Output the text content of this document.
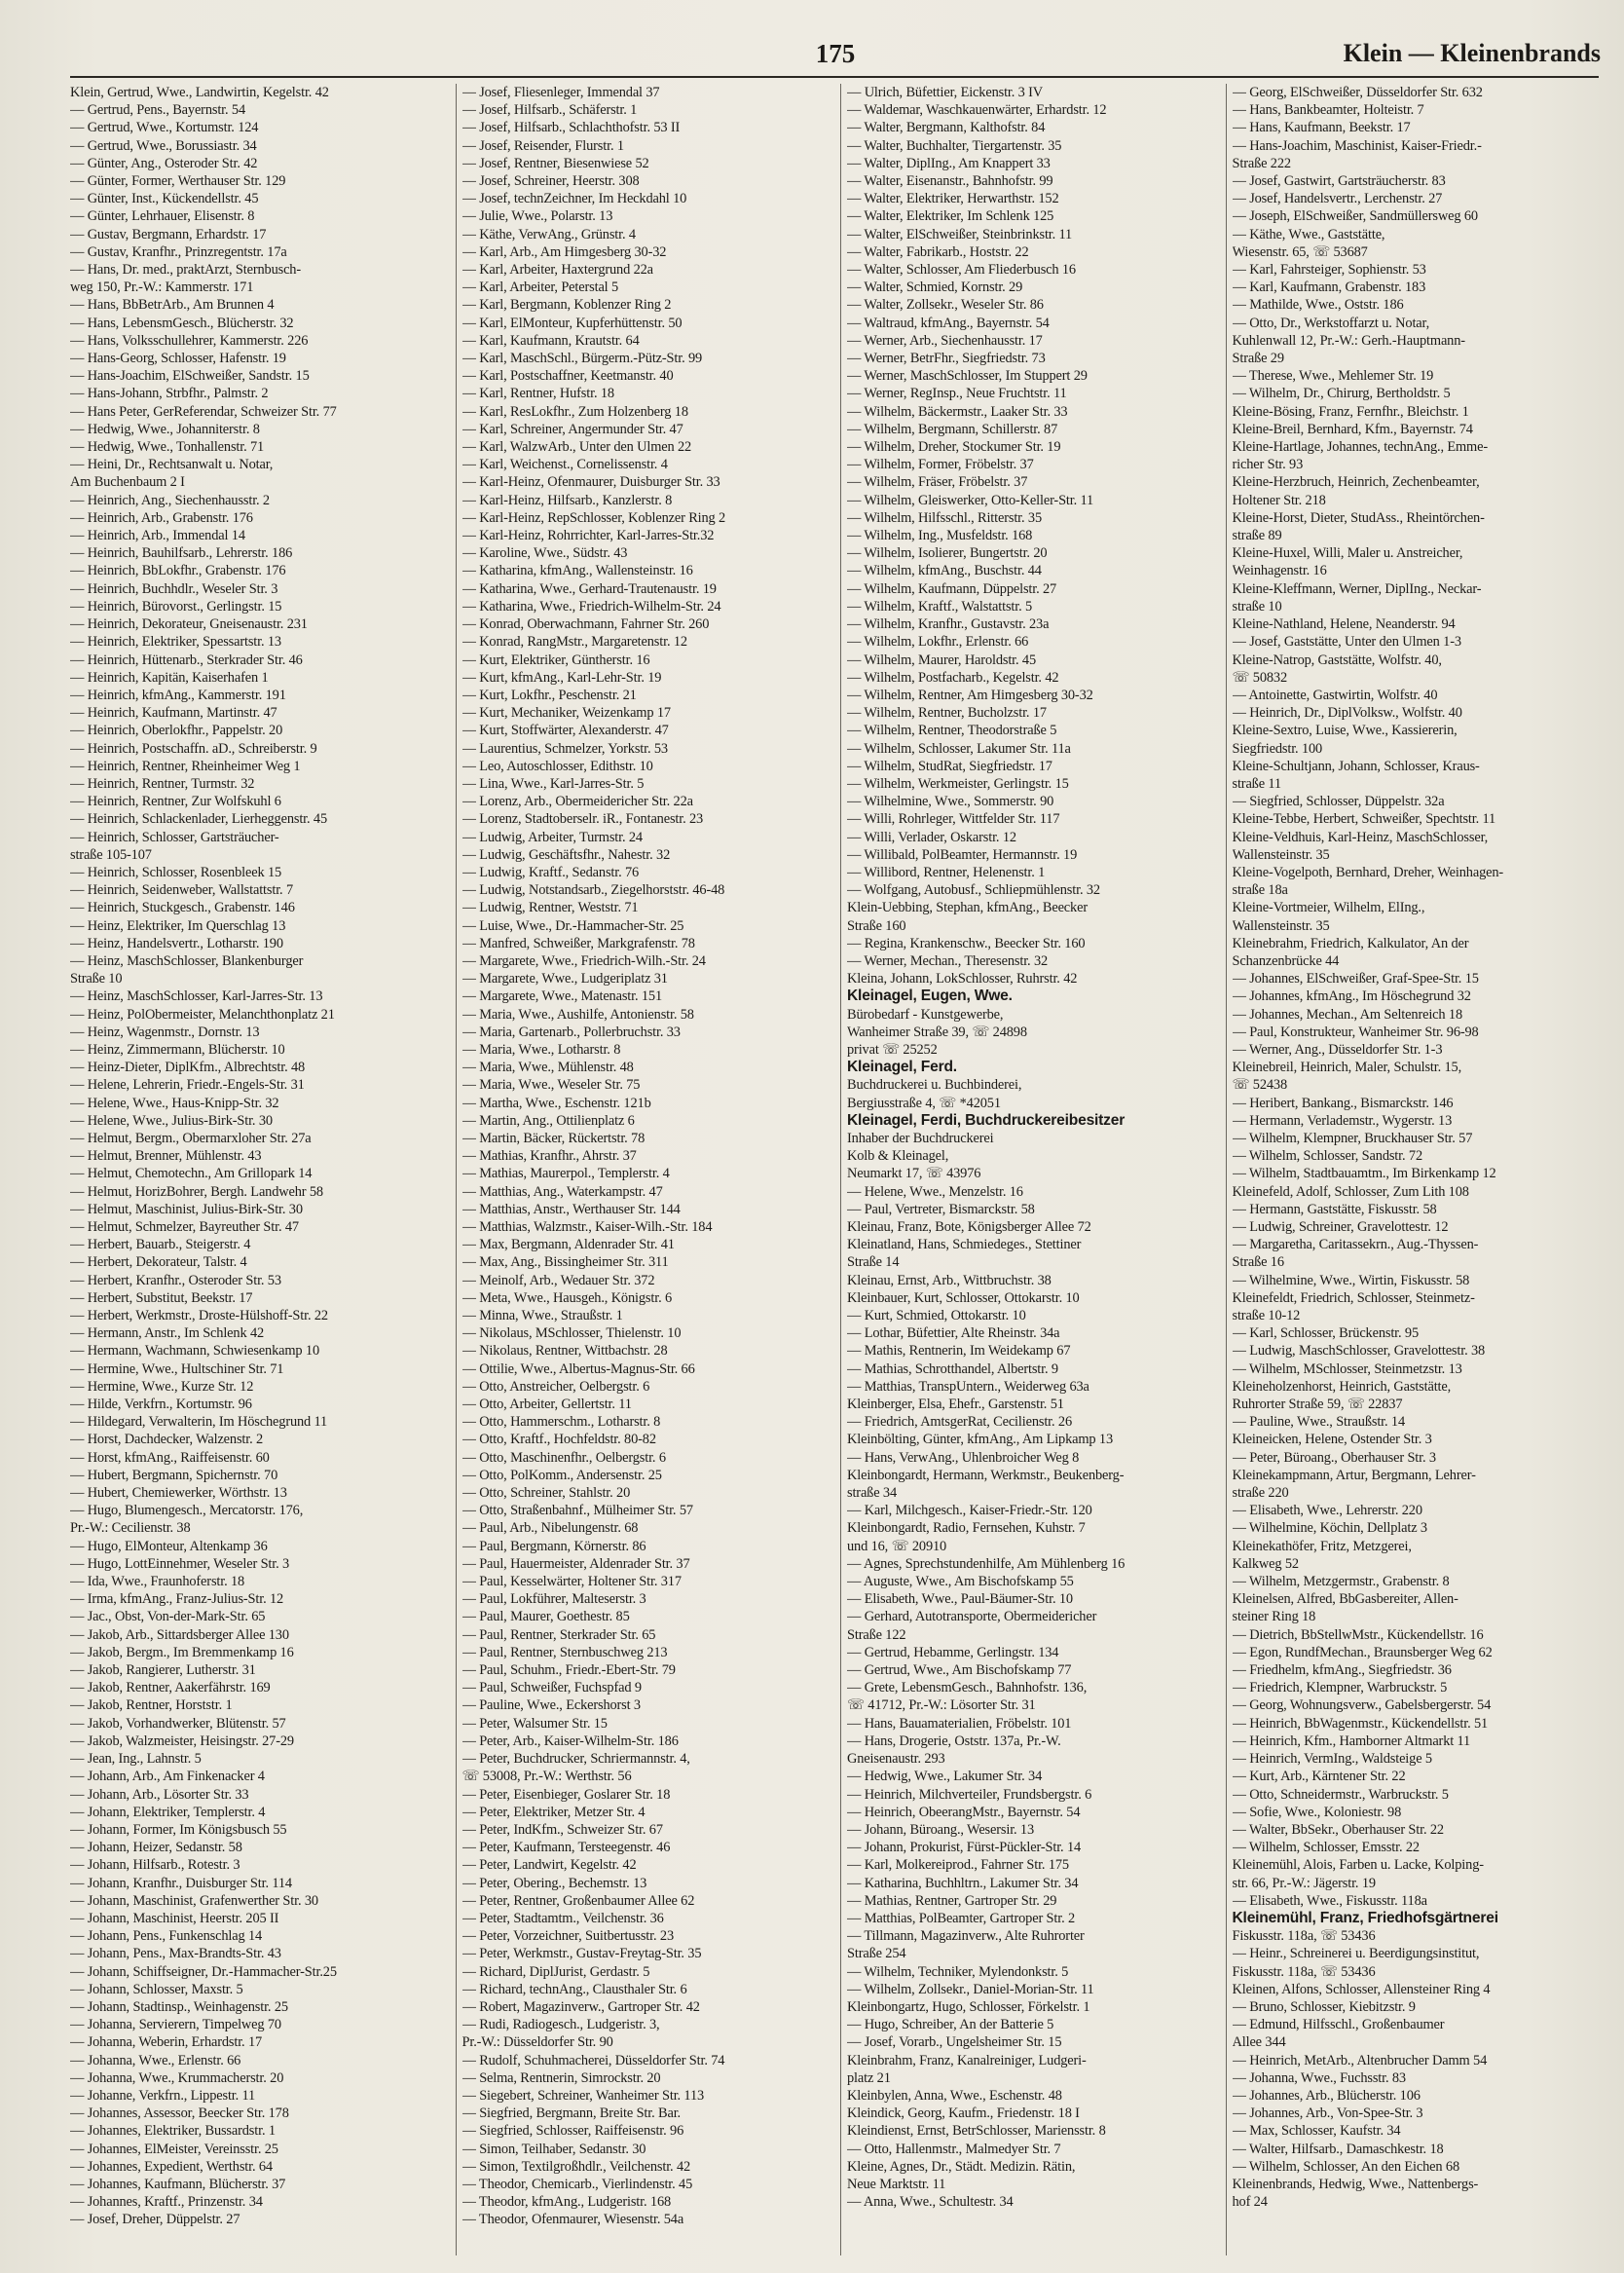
175	Klein — Kleinenbrands
Klein, Gertrud, Wwe., Landwirtin, Kegelstr. 42
— Gertrud, Pens., Bayernstr. 54
— Gertrud, Wwe., Kortumstr. 124
— Gertrud, Wwe., Borussiastr. 34
— Günter, Ang., Osteroder Str. 42
— Günter, Former, Werthauser Str. 129
— Günter, Inst., Kückendellstr. 45
— Günter, Lehrhauer, Elisenstr. 8
— Gustav, Bergmann, Erhardstr. 17
— Gustav, Kranfhr., Prinzregentstr. 17a
— Hans, Dr. med., praktArzt, Sternbusch-
weg 150, Pr.-W.: Kammerstr. 171
— Hans, BbBetrArb., Am Brunnen 4
— Hans, LebensmGesch., Blücherstr. 32
— Hans, Volksschullehrer, Kammerstr. 226
— Hans-Georg, Schlosser, Hafenstr. 19
— Hans-Joachim, ElSchweißer, Sandstr. 15
— Hans-Johann, Strbfhr., Palmstr. 2
— Hans Peter, GerReferendar, Schweizer Str. 77
— Hedwig, Wwe., Johanniterstr. 8
— Hedwig, Wwe., Tonhallenstr. 71
— Heini, Dr., Rechtsanwalt u. Notar,
Am Buchenbaum 2 I
— Heinrich, Ang., Siechenhausstr. 2
— Heinrich, Arb., Grabenstr. 176
— Heinrich, Arb., Immendal 14
— Heinrich, Bauhilfsarb., Lehrerstr. 186
— Heinrich, BbLokfhr., Grabenstr. 176
— Heinrich, Buchhdlr., Weseler Str. 3
— Heinrich, Bürovorst., Gerlingstr. 15
— Heinrich, Dekorateur, Gneisenaustr. 231
— Heinrich, Elektriker, Spessartstr. 13
— Heinrich, Hüttenarb., Sterkrader Str. 46
— Heinrich, Kapitän, Kaiserhafen 1
— Heinrich, kfmAng., Kammerstr. 191
— Heinrich, Kaufmann, Martinstr. 47
— Heinrich, Oberlokfhr., Pappelstr. 20
— Heinrich, Postschaffn. aD., Schreiberstr. 9
— Heinrich, Rentner, Rheinheimer Weg 1
— Heinrich, Rentner, Turmstr. 32
— Heinrich, Rentner, Zur Wolfskuhl 6
— Heinrich, Schlackenlader, Lierheggenstr. 45
— Heinrich, Schlosser, Gartsträucher-
straße 105-107
— Heinrich, Schlosser, Rosenbleek 15
— Heinrich, Seidenweber, Wallstattstr. 7
— Heinrich, Stuckgesch., Grabenstr. 146
— Heinz, Elektriker, Im Querschlag 13
— Heinz, Handelsvertr., Lotharstr. 190
— Heinz, MaschSchlosser, Blankenburger
Straße 10
— Heinz, MaschSchlosser, Karl-Jarres-Str. 13
— Heinz, PolObermeister, Melanchthonplatz 21
— Heinz, Wagenmstr., Dornstr. 13
— Heinz, Zimmermann, Blücherstr. 10
— Heinz-Dieter, DiplKfm., Albrechtstr. 48
— Helene, Lehrerin, Friedr.-Engels-Str. 31
— Helene, Wwe., Haus-Knipp-Str. 32
— Helene, Wwe., Julius-Birk-Str. 30
— Helmut, Bergm., Obermarxloher Str. 27a
— Helmut, Brenner, Mühlenstr. 43
— Helmut, Chemotechn., Am Grillopark 14
— Helmut, HorizBohrer, Bergh. Landwehr 58
— Helmut, Maschinist, Julius-Birk-Str. 30
— Helmut, Schmelzer, Bayreuther Str. 47
— Herbert, Bauarb., Steigerstr. 4
— Herbert, Dekorateur, Talstr. 4
— Herbert, Kranfhr., Osteroder Str. 53
— Herbert, Substitut, Beekstr. 17
— Herbert, Werkmstr., Droste-Hülshoff-Str. 22
— Hermann, Anstr., Im Schlenk 42
— Hermann, Wachmann, Schwiesenkamp 10
— Hermine, Wwe., Hultschiner Str. 71
— Hermine, Wwe., Kurze Str. 12
— Hilde, Verkfrn., Kortumstr. 96
— Hildegard, Verwalterin, Im Höschegrund 11
— Horst, Dachdecker, Walzenstr. 2
— Horst, kfmAng., Raiffeisenstr. 60
— Hubert, Bergmann, Spichernstr. 70
— Hubert, Chemiewerker, Wörthstr. 13
— Hugo, Blumengesch., Mercatorstr. 176,
Pr.-W.: Cecilienstr. 38
— Hugo, ElMonteur, Altenkamp 36
— Hugo, LottEinnehmer, Weseler Str. 3
— Ida, Wwe., Fraunhoferstr. 18
— Irma, kfmAng., Franz-Julius-Str. 12
— Jac., Obst, Von-der-Mark-Str. 65
— Jakob, Arb., Sittardsberger Allee 130
— Jakob, Bergm., Im Bremmenkamp 16
— Jakob, Rangierer, Lutherstr. 31
— Jakob, Rentner, Aakerfährstr. 169
— Jakob, Rentner, Horststr. 1
— Jakob, Vorhandwerker, Blütenstr. 57
— Jakob, Walzmeister, Heisingstr. 27-29
— Jean, Ing., Lahnstr. 5
— Johann, Arb., Am Finkenacker 4
— Johann, Arb., Lösorter Str. 33
— Johann, Elektriker, Templerstr. 4
— Johann, Former, Im Königsbusch 55
— Johann, Heizer, Sedanstr. 58
— Johann, Hilfsarb., Rotestr. 3
— Johann, Kranfhr., Duisburger Str. 114
— Johann, Maschinist, Grafenwerther Str. 30
— Johann, Maschinist, Heerstr. 205 II
— Johann, Pens., Funkenschlag 14
— Johann, Pens., Max-Brandts-Str. 43
— Johann, Schiffseigner, Dr.-Hammacher-Str.25
— Johann, Schlosser, Maxstr. 5
— Johann, Stadtinsp., Weinhagenstr. 25
— Johanna, Servierern, Timpelweg 70
— Johanna, Weberin, Erhardstr. 17
— Johanna, Wwe., Erlenstr. 66
— Johanna, Wwe., Krummacherstr. 20
— Johanne, Verkfrn., Lippestr. 11
— Johannes, Assessor, Beecker Str. 178
— Johannes, Elektriker, Bussardstr. 1
— Johannes, ElMeister, Vereinsstr. 25
— Johannes, Expedient, Werthstr. 64
— Johannes, Kaufmann, Blücherstr. 37
— Johannes, Kraftf., Prinzenstr. 34
— Josef, Dreher, Düppelstr. 27
— Josef, Fliesenleger, Immendal 37
— Josef, Hilfsarb., Schäferstr. 1
— Josef, Hilfsarb., Schlachthofstr. 53 II
— Josef, Reisender, Flurstr. 1
— Josef, Rentner, Biesenwiese 52
— Josef, Schreiner, Heerstr. 308
— Josef, technZeichner, Im Heckdahl 10
— Julie, Wwe., Polarstr. 13
— Käthe, VerwAng., Grünstr. 4
— Karl, Arb., Am Himgesberg 30-32
— Karl, Arbeiter, Haxtergrund 22a
— Karl, Arbeiter, Peterstal 5
— Karl, Bergmann, Koblenzer Ring 2
— Karl, ElMonteur, Kupferhüttenstr. 50
— Karl, Kaufmann, Krautstr. 64
— Karl, MaschSchl., Bürgerm.-Pütz-Str. 99
— Karl, Postschaffner, Keetmanstr. 40
— Karl, Rentner, Hufstr. 18
— Karl, ResLokfhr., Zum Holzenberg 18
— Karl, Schreiner, Angermunder Str. 47
— Karl, WalzwArb., Unter den Ulmen 22
— Karl, Weichenst., Cornelissenstr. 4
— Karl-Heinz, Ofenmaurer, Duisburger Str. 33
— Karl-Heinz, Hilfsarb., Kanzlerstr. 8
— Karl-Heinz, RepSchlosser, Koblenzer Ring 2
— Karl-Heinz, Rohrrichter, Karl-Jarres-Str.32
— Karoline, Wwe., Südstr. 43
— Katharina, kfmAng., Wallensteinstr. 16
— Katharina, Wwe., Gerhard-Trautenaustr. 19
— Katharina, Wwe., Friedrich-Wilhelm-Str. 24
— Konrad, Oberwachmann, Fahrner Str. 260
— Konrad, RangMstr., Margaretenstr. 12
— Kurt, Elektriker, Güntherstr. 16
— Kurt, kfmAng., Karl-Lehr-Str. 19
— Kurt, Lokfhr., Peschenstr. 21
— Kurt, Mechaniker, Weizenkamp 17
— Kurt, Stoffwärter, Alexanderstr. 47
— Laurentius, Schmelzer, Yorkstr. 53
— Leo, Autoschlosser, Edithstr. 10
— Lina, Wwe., Karl-Jarres-Str. 5
— Lorenz, Arb., Obermeidericher Str. 22a
— Lorenz, Stadtoberselr. iR., Fontanestr. 23
— Ludwig, Arbeiter, Turmstr. 24
— Ludwig, Geschäftsfhr., Nahestr. 32
— Ludwig, Kraftf., Sedanstr. 76
— Ludwig, Notstandsarb., Ziegelhorststr. 46-48
— Ludwig, Rentner, Weststr. 71
— Luise, Wwe., Dr.-Hammacher-Str. 25
— Manfred, Schweißer, Markgrafenstr. 78
— Margarete, Wwe., Friedrich-Wilh.-Str. 24
— Margarete, Wwe., Ludgeriplatz 31
— Margarete, Wwe., Matenastr. 151
— Maria, Wwe., Aushilfe, Antonienstr. 58
— Maria, Gartenarb., Pollerbruchstr. 33
— Maria, Wwe., Lotharstr. 8
— Maria, Wwe., Mühlenstr. 48
— Maria, Wwe., Weseler Str. 75
— Martha, Wwe., Eschenstr. 121b
— Martin, Ang., Ottilienplatz 6
— Martin, Bäcker, Rückertstr. 78
— Mathias, Kranfhr., Ahrstr. 37
— Mathias, Maurerpol., Templerstr. 4
— Matthias, Ang., Waterkampstr. 47
— Matthias, Anstr., Werthauser Str. 144
— Matthias, Walzmstr., Kaiser-Wilh.-Str. 184
— Max, Bergmann, Aldenrader Str. 41
— Max, Ang., Bissingheimer Str. 311
— Meinolf, Arb., Wedauer Str. 372
— Meta, Wwe., Hausgeh., Königstr. 6
— Minna, Wwe., Straußstr. 1
— Nikolaus, MSchlosser, Thielenstr. 10
— Nikolaus, Rentner, Wittbachstr. 28
— Ottilie, Wwe., Albertus-Magnus-Str. 66
— Otto, Anstreicher, Oelbergstr. 6
— Otto, Arbeiter, Gellertstr. 11
— Otto, Hammerschm., Lotharstr. 8
— Otto, Kraftf., Hochfeldstr. 80-82
— Otto, Maschinenfhr., Oelbergstr. 6
— Otto, PolKomm., Andersenstr. 25
— Otto, Schreiner, Stahlstr. 20
— Otto, Straßenbahnf., Mülheimer Str. 57
— Paul, Arb., Nibelungenstr. 68
— Paul, Bergmann, Körnerstr. 86
— Paul, Hauermeister, Aldenrader Str. 37
— Paul, Kesselwärter, Holtener Str. 317
— Paul, Lokführer, Malteserstr. 3
— Paul, Maurer, Goethestr. 85
— Paul, Rentner, Sterkrader Str. 65
— Paul, Rentner, Sternbuschweg 213
— Paul, Schuhm., Friedr.-Ebert-Str. 79
— Paul, Schweißer, Fuchspfad 9
— Pauline, Wwe., Eckershorst 3
— Peter, Walsumer Str. 15
— Peter, Arb., Kaiser-Wilhelm-Str. 186
— Peter, Buchdrucker, Schriermannstr. 4,
☏ 53008, Pr.-W.: Werthstr. 56
— Peter, Eisenbieger, Goslarer Str. 18
— Peter, Elektriker, Metzer Str. 4
— Peter, IndKfm., Schweizer Str. 67
— Peter, Kaufmann, Tersteegenstr. 46
— Peter, Landwirt, Kegelstr. 42
— Peter, Obering., Bechemstr. 13
— Peter, Rentner, Großenbaumer Allee 62
— Peter, Stadtamtm., Veilchenstr. 36
— Peter, Vorzeichner, Suitbertusstr. 23
— Peter, Werkmstr., Gustav-Freytag-Str. 35
— Richard, DiplJurist, Gerdastr. 5
— Richard, technAng., Clausthaler Str. 6
— Robert, Magazinverw., Gartroper Str. 42
— Rudi, Radiogesch., Ludgeristr. 3,
Pr.-W.: Düsseldorfer Str. 90
— Rudolf, Schuhmacherei, Düsseldorfer Str. 74
— Selma, Rentnerin, Simrockstr. 20
— Siegebert, Schreiner, Wanheimer Str. 113
— Siegfried, Bergmann, Breite Str. Bar.
— Siegfried, Schlosser, Raiffeisenstr. 96
— Simon, Teilhaber, Sedanstr. 30
— Simon, Textilgroßhdlr., Veilchenstr. 42
— Theodor, Chemicarb., Vierlindenstr. 45
— Theodor, kfmAng., Ludgeristr. 168
— Theodor, Ofenmaurer, Wiesenstr. 54a
— Ulrich, Büfettier, Eickenstr. 3 IV
— Waldemar, Waschkauenwärter, Erhardstr. 12
— Walter, Bergmann, Kalthofstr. 84
— Walter, Buchhalter, Tiergartenstr. 35
— Walter, DiplIng., Am Knappert 33
— Walter, Eisenanstr., Bahnhofstr. 99
— Walter, Elektriker, Herwarthstr. 152
— Walter, Elektriker, Im Schlenk 125
— Walter, ElSchweißer, Steinbrinkstr. 11
— Walter, Fabrikarb., Hoststr. 22
— Walter, Schlosser, Am Fliederbusch 16
— Walter, Schmied, Kornstr. 29
— Walter, Zollsekr., Weseler Str. 86
— Waltraud, kfmAng., Bayernstr. 54
— Werner, Arb., Siechenhausstr. 17
— Werner, BetrFhr., Siegfriedstr. 73
— Werner, MaschSchlosser, Im Stuppert 29
— Werner, RegInsp., Neue Fruchtstr. 11
— Wilhelm, Bäckermstr., Laaker Str. 33
— Wilhelm, Bergmann, Schillerstr. 87
— Wilhelm, Dreher, Stockumer Str. 19
— Wilhelm, Former, Fröbelstr. 37
— Wilhelm, Fräser, Fröbelstr. 37
— Wilhelm, Gleiswerker, Otto-Keller-Str. 11
— Wilhelm, Hilfsschl., Ritterstr. 35
— Wilhelm, Ing., Musfeldstr. 168
— Wilhelm, Isolierer, Bungertstr. 20
— Wilhelm, kfmAng., Buschstr. 44
— Wilhelm, Kaufmann, Düppelstr. 27
— Wilhelm, Kraftf., Walstattstr. 5
— Wilhelm, Kranfhr., Gustavstr. 23a
— Wilhelm, Lokfhr., Erlenstr. 66
— Wilhelm, Maurer, Haroldstr. 45
— Wilhelm, Postfacharb., Kegelstr. 42
— Wilhelm, Rentner, Am Himgesberg 30-32
— Wilhelm, Rentner, Bucholzstr. 17
— Wilhelm, Rentner, Theodorstraße 5
— Wilhelm, Schlosser, Lakumer Str. 11a
— Wilhelm, StudRat, Siegfriedstr. 17
— Wilhelm, Werkmeister, Gerlingstr. 15
— Wilhelmine, Wwe., Sommerstr. 90
— Willi, Rohrleger, Wittfelder Str. 117
— Willi, Verlader, Oskarstr. 12
— Willibald, PolBeamter, Hermannstr. 19
— Willibord, Rentner, Helenenstr. 1
— Wolfgang, Autobusf., Schliepmühlenstr. 32
Klein-Uebbing, Stephan, kfmAng., Beecker
Straße 160
— Regina, Krankenschw., Beecker Str. 160
— Werner, Mechan., Theresenstr. 32
Kleina, Johann, LokSchlosser, Ruhrstr. 42
Kleinagel, Eugen, Wwe.
Bürobedarf - Kunstgewerbe,
Wanheimer Straße 39, ☏ 24898
privat ☏ 25252
Kleinagel, Ferd.
Buchdruckerei u. Buchbinderei,
Bergiusstraße 4, ☏ *42051
Kleinagel, Ferdi, Buchdruckereibesitzer
Inhaber der Buchdruckerei
Kolb & Kleinagel,
Neumarkt 17, ☏ 43976
— Helene, Wwe., Menzelstr. 16
— Paul, Vertreter, Bismarckstr. 58
Kleinau, Franz, Bote, Königsberger Allee 72
Kleinatland, Hans, Schmiedeges., Stettiner
Straße 14
Kleinau, Ernst, Arb., Wittbruchstr. 38
Kleinbauer, Kurt, Schlosser, Ottokarstr. 10
— Kurt, Schmied, Ottokarstr. 10
— Lothar, Büfettier, Alte Rheinstr. 34a
— Mathis, Rentnerin, Im Weidekamp 67
— Mathias, Schrotthandel, Albertstr. 9
— Matthias, TranspUntern., Weiderweg 63a
Kleinberger, Elsa, Ehefr., Garstenstr. 51
— Friedrich, AmtsgerRat, Cecilienstr. 26
Kleinbölting, Günter, kfmAng., Am Lipkamp 13
— Hans, VerwAng., Uhlenbroicher Weg 8
Kleinbongardt, Hermann, Werkmstr., Beukenberg-
straße 34
— Karl, Milchgesch., Kaiser-Friedr.-Str. 120
Kleinbongardt, Radio, Fernsehen, Kuhstr. 7
und 16, ☏ 20910
— Agnes, Sprechstundenhilfe, Am Mühlenberg 16
— Auguste, Wwe., Am Bischofskamp 55
— Elisabeth, Wwe., Paul-Bäumer-Str. 10
— Gerhard, Autotransporte, Obermeidericher
Straße 122
— Gertrud, Hebamme, Gerlingstr. 134
— Gertrud, Wwe., Am Bischofskamp 77
— Grete, LebensmGesch., Bahnhofstr. 136,
☏ 41712, Pr.-W.: Lösorter Str. 31
— Hans, Bauamaterialien, Fröbelstr. 101
— Hans, Drogerie, Oststr. 137a, Pr.-W.
Gneisenaustr. 293
— Hedwig, Wwe., Lakumer Str. 34
— Heinrich, Milchverteiler, Frundsbergstr. 6
— Heinrich, ObeerangMstr., Bayernstr. 54
— Johann, Büroang., Wesersir. 13
— Johann, Prokurist, Fürst-Pückler-Str. 14
— Karl, Molkereiprod., Fahrner Str. 175
— Katharina, Buchhltrn., Lakumer Str. 34
— Mathias, Rentner, Gartroper Str. 29
— Matthias, PolBeamter, Gartroper Str. 2
— Tillmann, Magazinverw., Alte Ruhrorter
Straße 254
— Wilhelm, Techniker, Mylendonkstr. 5
— Wilhelm, Zollsekr., Daniel-Morian-Str. 11
Kleinbongartz, Hugo, Schlosser, Förkelstr. 1
— Hugo, Schreiber, An der Batterie 5
— Josef, Vorarb., Ungelsheimer Str. 15
Kleinbrahm, Franz, Kanalreiniger, Ludgeri-
platz 21
Kleinbylen, Anna, Wwe., Eschenstr. 48
Kleindick, Georg, Kaufm., Friedenstr. 18 I
Kleindienst, Ernst, BetrSchlosser, Mariensstr. 8
— Otto, Hallenmstr., Malmedyer Str. 7
Kleine, Agnes, Dr., Städt. Medizin. Rätin,
Neue Marktstr. 11
— Anna, Wwe., Schultestr. 34
— Georg, ElSchweißer, Düsseldorfer Str. 632
— Hans, Bankbeamter, Holteistr. 7
— Hans, Kaufmann, Beekstr. 17
— Hans-Joachim, Maschinist, Kaiser-Friedr.-
Straße 222
— Josef, Gastwirt, Gartsträucherstr. 83
— Josef, Handelsvertr., Lerchenstr. 27
— Joseph, ElSchweißer, Sandmüllersweg 60
— Käthe, Wwe., Gaststätte,
Wiesenstr. 65, ☏ 53687
— Karl, Fahrsteiger, Sophienstr. 53
— Karl, Kaufmann, Grabenstr. 183
— Mathilde, Wwe., Oststr. 186
— Otto, Dr., Werkstoffarzt u. Notar,
Kuhlenwall 12, Pr.-W.: Gerh.-Hauptmann-
Straße 29
— Therese, Wwe., Mehlemer Str. 19
— Wilhelm, Dr., Chirurg, Bertholdstr. 5
Kleine-Bösing, Franz, Fernfhr., Bleichstr. 1
Kleine-Breil, Bernhard, Kfm., Bayernstr. 74
Kleine-Hartlage, Johannes, technAng., Emme-
richer Str. 93
Kleine-Herzbruch, Heinrich, Zechenbeamter,
Holtener Str. 218
Kleine-Horst, Dieter, StudAss., Rheintörchen-
straße 89
Kleine-Huxel, Willi, Maler u. Anstreicher,
Weinhagenstr. 16
Kleine-Kleffmann, Werner, DiplIng., Neckar-
straße 10
Kleine-Nathland, Helene, Neanderstr. 94
— Josef, Gaststätte, Unter den Ulmen 1-3
Kleine-Natrop, Gaststätte, Wolfstr. 40,
☏ 50832
— Antoinette, Gastwirtin, Wolfstr. 40
— Heinrich, Dr., DiplVolksw., Wolfstr. 40
Kleine-Sextro, Luise, Wwe., Kassiererin,
Siegfriedstr. 100
Kleine-Schultjann, Johann, Schlosser, Kraus-
straße 11
— Siegfried, Schlosser, Düppelstr. 32a
Kleine-Tebbe, Herbert, Schweißer, Spechtstr. 11
Kleine-Veldhuis, Karl-Heinz, MaschSchlosser,
Wallensteinstr. 35
Kleine-Vogelpoth, Bernhard, Dreher, Weinhagen-
straße 18a
Kleine-Vortmeier, Wilhelm, ElIng.,
Wallensteinstr. 35
Kleinebrahm, Friedrich, Kalkulator, An der
Schanzenbrücke 44
— Johannes, ElSchweißer, Graf-Spee-Str. 15
— Johannes, kfmAng., Im Höschegrund 32
— Johannes, Mechan., Am Seltenreich 18
— Paul, Konstrukteur, Wanheimer Str. 96-98
— Werner, Ang., Düsseldorfer Str. 1-3
Kleinebreil, Heinrich, Maler, Schulstr. 15,
☏ 52438
— Heribert, Bankang., Bismarckstr. 146
— Hermann, Verlademstr., Wygerstr. 13
— Wilhelm, Klempner, Bruckhauser Str. 57
— Wilhelm, Schlosser, Sandstr. 72
— Wilhelm, Stadtbauamtm., Im Birkenkamp 12
Kleinefeld, Adolf, Schlosser, Zum Lith 108
— Hermann, Gaststätte, Fiskusstr. 58
— Ludwig, Schreiner, Gravelottestr. 12
— Margaretha, Caritassekrn., Aug.-Thyssen-
Straße 16
— Wilhelmine, Wwe., Wirtin, Fiskusstr. 58
Kleinefeldt, Friedrich, Schlosser, Steinmetz-
straße 10-12
— Karl, Schlosser, Brückenstr. 95
— Ludwig, MaschSchlosser, Gravelottestr. 38
— Wilhelm, MSchlosser, Steinmetzstr. 13
Kleineholzenhorst, Heinrich, Gaststätte,
Ruhrorter Straße 59, ☏ 22837
— Pauline, Wwe., Straußstr. 14
Kleineicken, Helene, Ostender Str. 3
— Peter, Büroang., Oberhauser Str. 3
Kleinekampmann, Artur, Bergmann, Lehrer-
straße 220
— Elisabeth, Wwe., Lehrerstr. 220
— Wilhelmine, Köchin, Dellplatz 3
Kleinekathöfer, Fritz, Metzgerei,
Kalkweg 52
— Wilhelm, Metzgermstr., Grabenstr. 8
Kleinelsen, Alfred, BbGasbereiter, Allen-
steiner Ring 18
— Dietrich, BbStellwMstr., Kückendellstr. 16
— Egon, RundfMechan., Braunsberger Weg 62
— Friedhelm, kfmAng., Siegfriedstr. 36
— Friedrich, Klempner, Warbruckstr. 5
— Georg, Wohnungsverw., Gabelsbergerstr. 54
— Heinrich, BbWagenmstr., Kückendellstr. 51
— Heinrich, Kfm., Hamborner Altmarkt 11
— Heinrich, VermIng., Waldsteige 5
— Kurt, Arb., Kärntener Str. 22
— Otto, Schneidermstr., Warbruckstr. 5
— Sofie, Wwe., Koloniestr. 98
— Walter, BbSekr., Oberhauser Str. 22
— Wilhelm, Schlosser, Emsstr. 22
Kleinemühl, Alois, Farben u. Lacke, Kolping-
str. 66, Pr.-W.: Jägerstr. 19
— Elisabeth, Wwe., Fiskusstr. 118a
Kleinemühl, Franz, Friedhofsgärtnerei
Fiskusstr. 118a, ☏ 53436
— Heinr., Schreinerei u. Beerdigungsinstitut,
Fiskusstr. 118a, ☏ 53436
Kleinen, Alfons, Schlosser, Allensteiner Ring 4
— Bruno, Schlosser, Kiebitzstr. 9
— Edmund, Hilfsschl., Großenbaumer
Allee 344
— Heinrich, MetArb., Altenbrucher Damm 54
— Johanna, Wwe., Fuchsstr. 83
— Johannes, Arb., Blücherstr. 106
— Johannes, Arb., Von-Spee-Str. 3
— Max, Schlosser, Kaufstr. 34
— Walter, Hilfsarb., Damaschkestr. 18
— Wilhelm, Schlosser, An den Eichen 68
Kleinenbrands, Hedwig, Wwe., Nattenbergs-
hof 24
